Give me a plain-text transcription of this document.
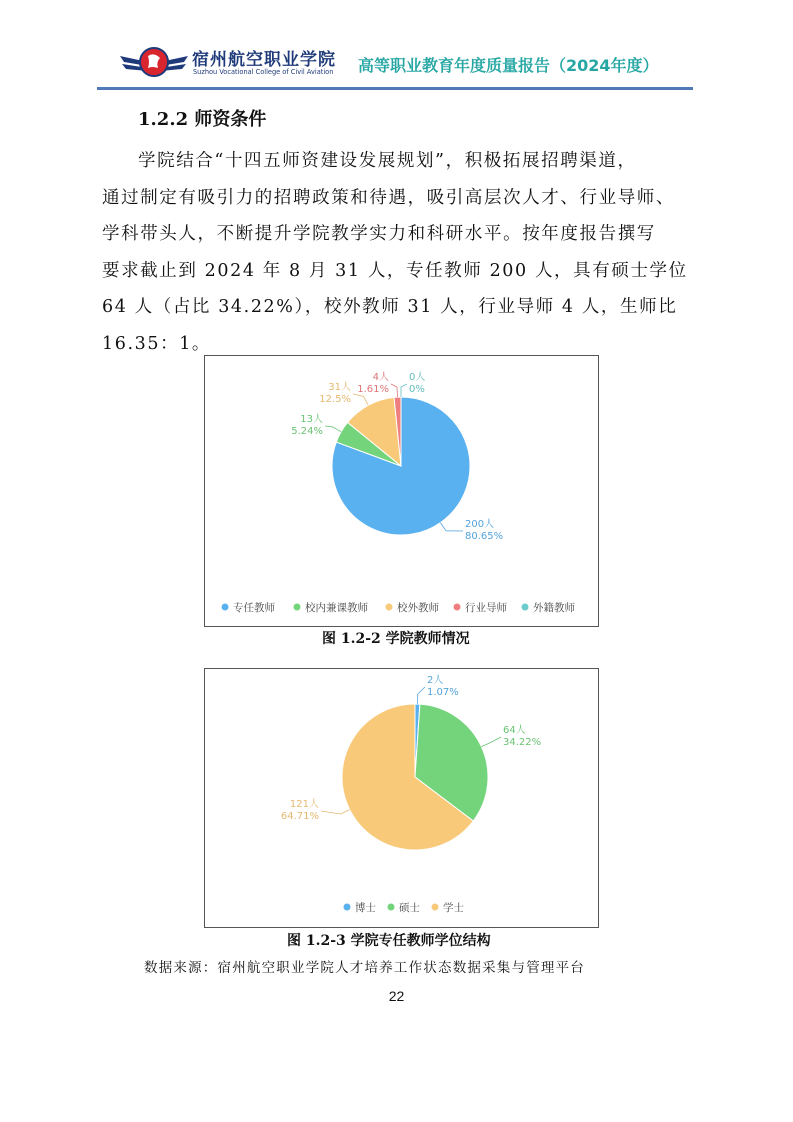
宿州航空职业学院
Suzhou Vocational College of Civil Aviation 高等职业教育年度质量报告（2024年度）
1.2.2 师资条件
学院结合“十四五师资建设发展规划”，积极拓展招聘渠道，
通过制定有吸引力的招聘政策和待遇，吸引高层次人才、行业导师、
学科带头人，不断提升学院教学实力和科研水平。按年度报告撰写
要求截止到 2024 年 8 月 31 人，专任教师 200 人，具有硕士学位
64 人（占比 34.22%），校外教师 31 人，行业导师 4 人，生师比
16.35：1。
200人
80.65%
13人
5.24%
31人
12.5%
4人
1.61%
0人
0%
专任教师	校内兼课教师	校外教师 行业导师 外籍教师
图 1.2-2 学院教师情况
2人
1.07%
64人
34.22%
121人
64.71%
博士 硕士 学士
图 1.2-3 学院专任教师学位结构
数据来源：宿州航空职业学院人才培养工作状态数据采集与管理平台
22
